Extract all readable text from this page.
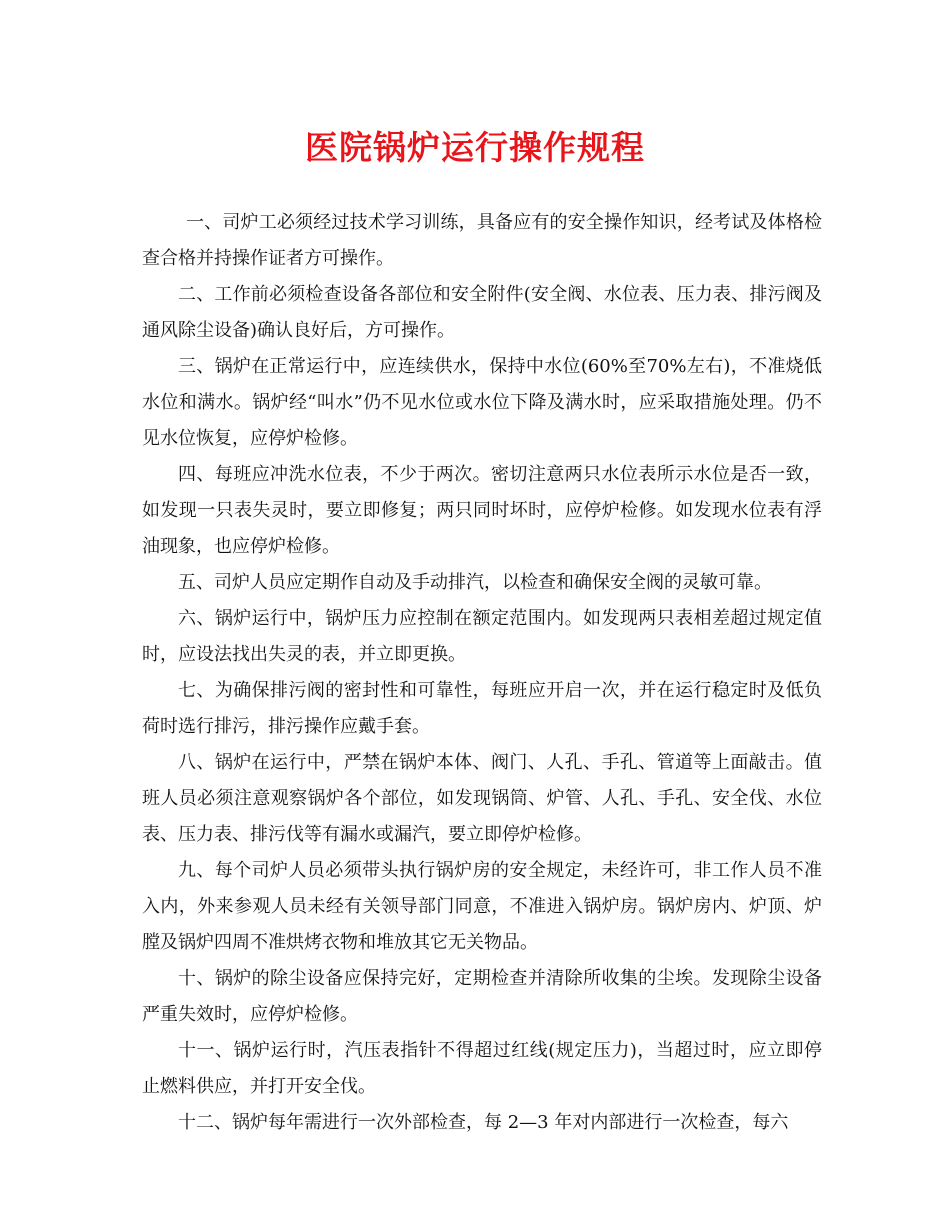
医院锅炉运行操作规程

一、司炉工必须经过技术学习训练，具备应有的安全操作知识，经考试及体格检查合格并持操作证者方可操作。

二、工作前必须检查设备各部位和安全附件(安全阀、水位表、压力表、排污阀及通风除尘设备)确认良好后，方可操作。

三、锅炉在正常运行中，应连续供水，保持中水位(60%至70%左右)，不准烧低水位和满水。锅炉经“叫水”仍不见水位或水位下降及满水时，应采取措施处理。仍不见水位恢复，应停炉检修。

四、每班应冲洗水位表，不少于两次。密切注意两只水位表所示水位是否一致，如发现一只表失灵时，要立即修复；两只同时坏时，应停炉检修。如发现水位表有浮油现象，也应停炉检修。

五、司炉人员应定期作自动及手动排汽，以检查和确保安全阀的灵敏可靠。

六、锅炉运行中，锅炉压力应控制在额定范围内。如发现两只表相差超过规定值时，应设法找出失灵的表，并立即更换。

七、为确保排污阀的密封性和可靠性，每班应开启一次，并在运行稳定时及低负荷时选行排污，排污操作应戴手套。

八、锅炉在运行中，严禁在锅炉本体、阀门、人孔、手孔、管道等上面敲击。值班人员必须注意观察锅炉各个部位，如发现锅筒、炉管、人孔、手孔、安全伐、水位表、压力表、排污伐等有漏水或漏汽，要立即停炉检修。

九、每个司炉人员必须带头执行锅炉房的安全规定，未经许可，非工作人员不准入内，外来参观人员未经有关领导部门同意，不准进入锅炉房。锅炉房内、炉顶、炉膛及锅炉四周不准烘烤衣物和堆放其它无关物品。

十、锅炉的除尘设备应保持完好，定期检查并清除所收集的尘埃。发现除尘设备严重失效时，应停炉检修。

十一、锅炉运行时，汽压表指针不得超过红线(规定压力)，当超过时，应立即停止燃料供应，并打开安全伐。

十二、锅炉每年需进行一次外部检查，每 2—3 年对内部进行一次检查，每六
